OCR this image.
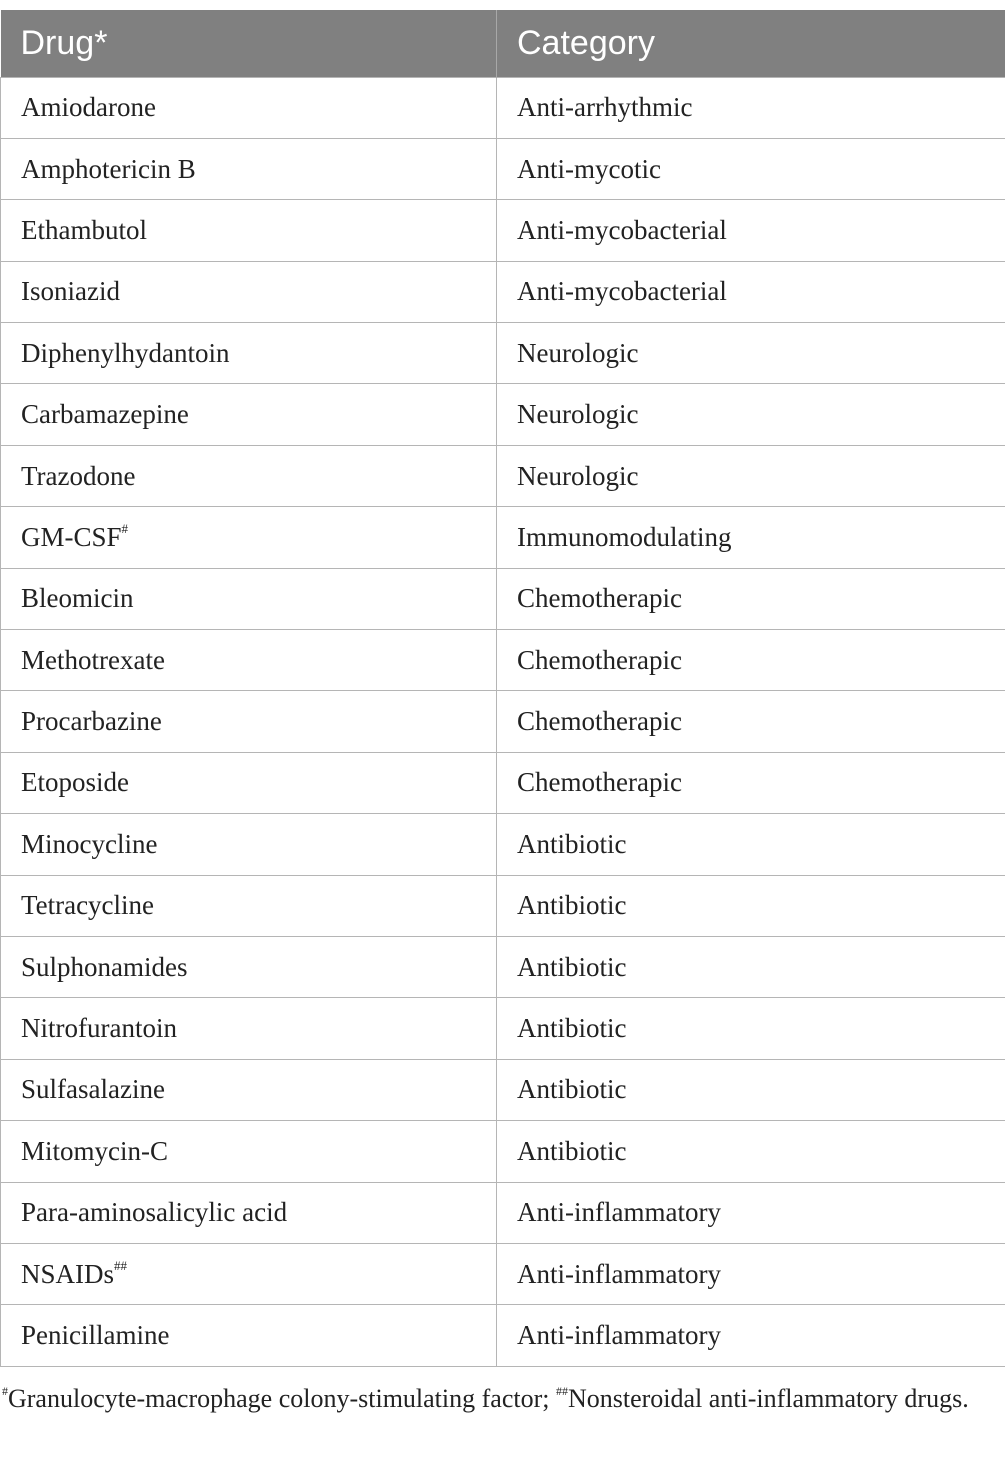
Drug*	Category
Amiodarone	Anti-arrhythmic
Amphotericin B	Anti-mycotic
Ethambutol	Anti-mycobacterial
Isoniazid	Anti-mycobacterial
Diphenylhydantoin	Neurologic
Carbamazepine	Neurologic
Trazodone	Neurologic
GM-CSF#	Immunomodulating
Bleomicin	Chemotherapic
Methotrexate	Chemotherapic
Procarbazine	Chemotherapic
Etoposide	Chemotherapic
Minocycline	Antibiotic
Tetracycline	Antibiotic
Sulphonamides	Antibiotic
Nitrofurantoin	Antibiotic
Sulfasalazine	Antibiotic
Mitomycin-C	Antibiotic
Para-aminosalicylic acid	Anti-inflammatory
NSAIDs##	Anti-inflammatory
Penicillamine	Anti-inflammatory
#Granulocyte-macrophage colony-stimulating factor; ##Nonsteroidal anti-inflammatory drugs.
